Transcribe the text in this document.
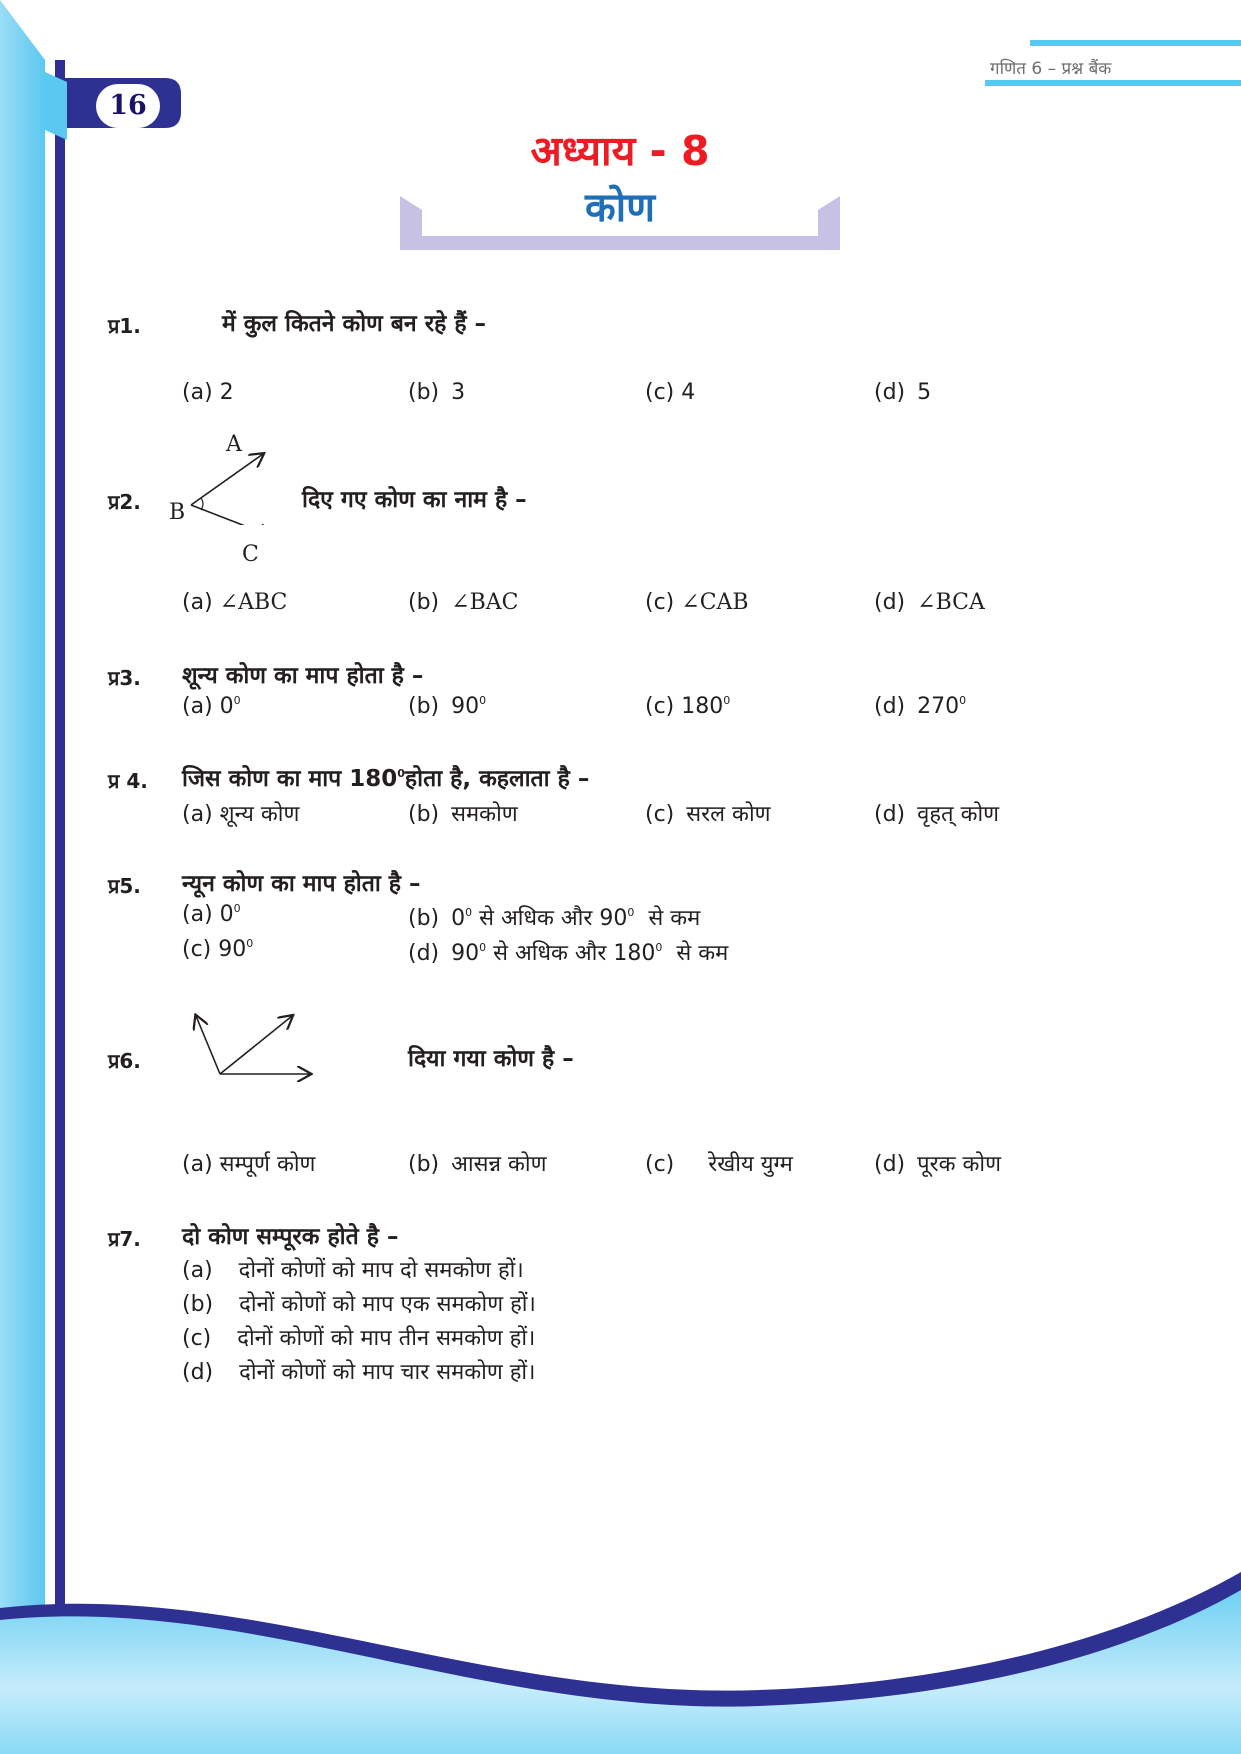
16
गणित 6 – प्रश्न बैंक
अध्याय - 8
कोण
प्र1.	में कुल कितने कोण बन रहे हैं –
(a) 2	(b) 3	(c) 4	(d) 5
प्र2.
A
B
C
दिए गए कोण का नाम है –
(a) ∠ABC	(b) ∠BAC	(c) ∠CAB	(d) ∠BCA
प्र3. शून्य कोण का माप होता है –
(a) $0^0$	(b) $90^0$	(c) $180^0$	(d) $270^0$
प्र 4. जिस कोण का माप $180^0होता$ है, कहलाता है –
(a) शून्य कोण	(b) समकोण	(c) सरल कोण	(d) वृहत् कोण
प्र5. न्यून कोण का माप होता है –
(a) $0^0$	(b) $0^0$ से अधिक और $90^0$  से कम
(c) $90^0$	(d) $90^0$ से अधिक और $180^0$  से कम
प्र6.	दिया गया कोण है –
(a) सम्पूर्ण कोण	(b) आसन्न कोण	(c) रेखीय युग्म	(d) पूरक कोण
प्र7. दो कोण सम्पूरक होते है –
(a) दोनों कोणों को माप दो समकोण हों।
(b) दोनों कोणों को माप एक समकोण हों।
(c) दोनों कोणों को माप तीन समकोण हों।
(d) दोनों कोणों को माप चार समकोण हों।
